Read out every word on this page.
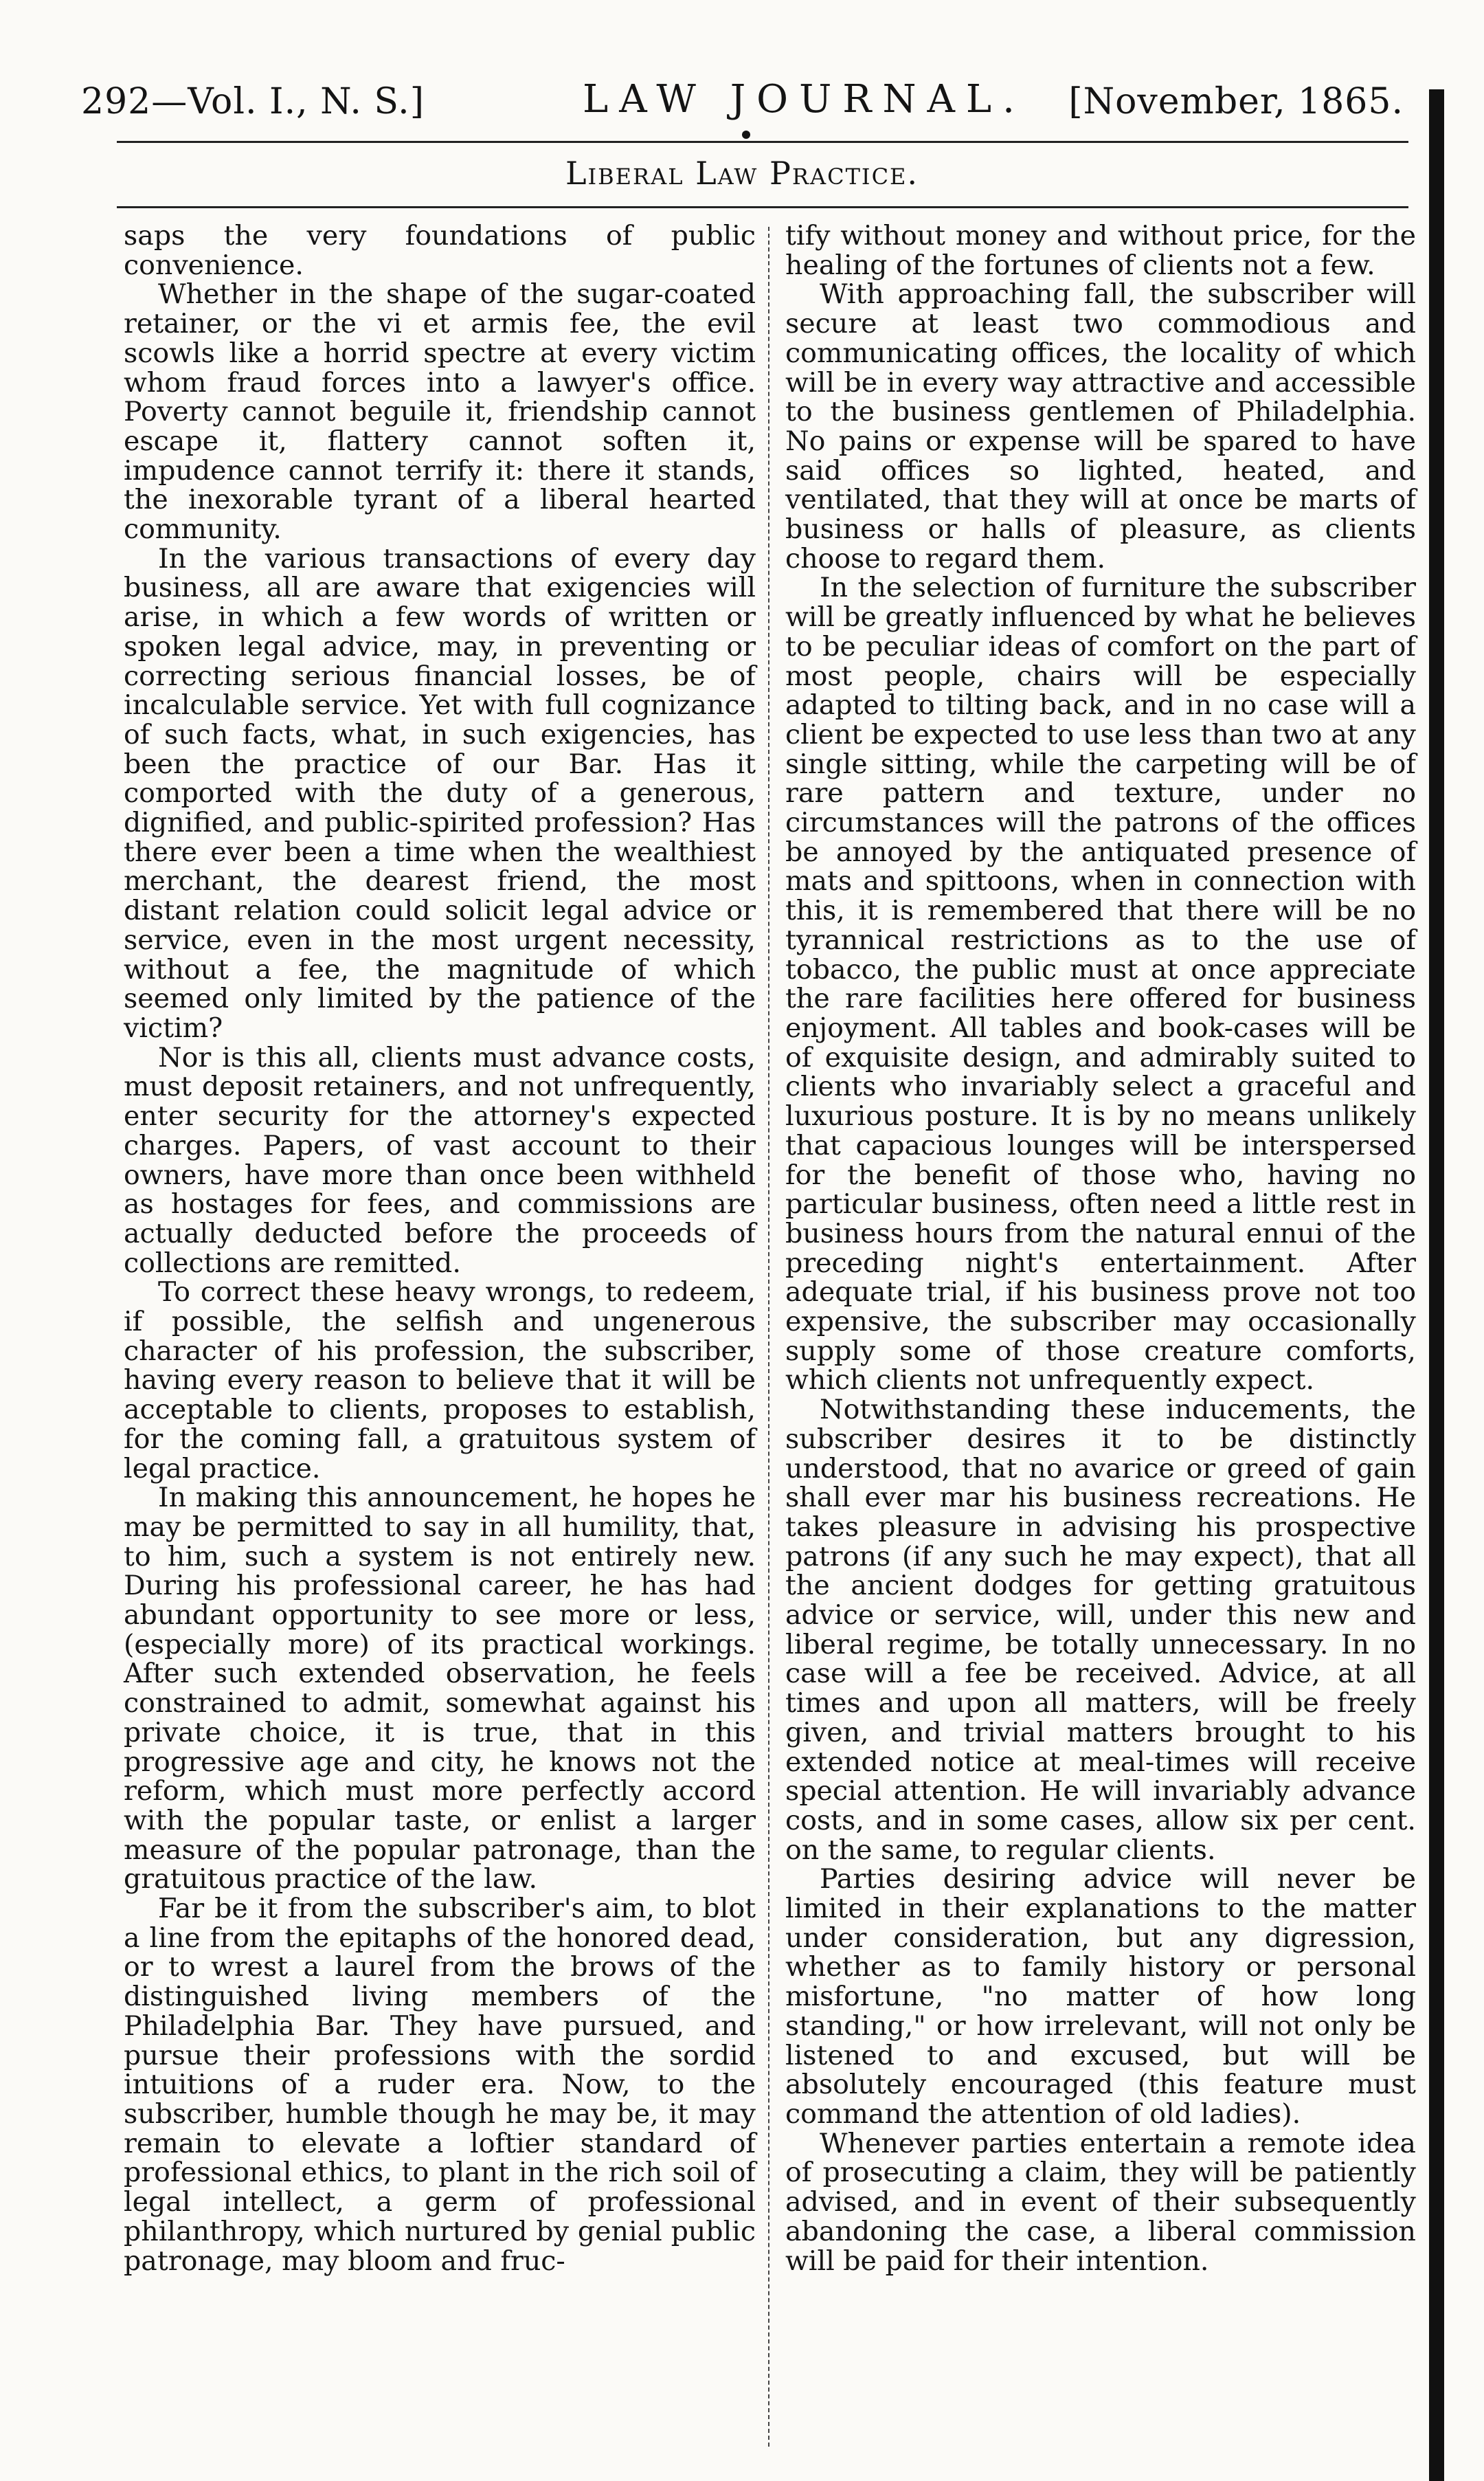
292—Vol. I., N. S.]	LAW JOURNAL. [November, 1865.
Liberal Law Practice.

saps the very foundations of public convenience.

Whether in the shape of the sugar-coated retainer, or the vi et armis fee, the evil scowls like a horrid spectre at every victim whom fraud forces into a lawyer's office. Poverty cannot beguile it, friendship cannot escape it, flattery cannot soften it, impudence cannot terrify it: there it stands, the inexorable tyrant of a liberal hearted community.

In the various transactions of every day business, all are aware that exigencies will arise, in which a few words of written or spoken legal advice, may, in preventing or correcting serious financial losses, be of incalculable service. Yet with full cognizance of such facts, what, in such exigencies, has been the practice of our Bar. Has it comported with the duty of a generous, dignified, and public-spirited profession? Has there ever been a time when the wealthiest merchant, the dearest friend, the most distant relation could solicit legal advice or service, even in the most urgent necessity, without a fee, the magnitude of which seemed only limited by the patience of the victim?

Nor is this all, clients must advance costs, must deposit retainers, and not unfrequently, enter security for the attorney's expected charges. Papers, of vast account to their owners, have more than once been withheld as hostages for fees, and commissions are actually deducted before the proceeds of collections are remitted.

To correct these heavy wrongs, to redeem, if possible, the selfish and ungenerous character of his profession, the subscriber, having every reason to believe that it will be acceptable to clients, proposes to establish, for the coming fall, a gratuitous system of legal practice.

In making this announcement, he hopes he may be permitted to say in all humility, that, to him, such a system is not entirely new. During his professional career, he has had abundant opportunity to see more or less, (especially more) of its practical workings. After such extended observation, he feels constrained to admit, somewhat against his private choice, it is true, that in this progressive age and city, he knows not the reform, which must more perfectly accord with the popular taste, or enlist a larger measure of the popular patronage, than the gratuitous practice of the law.

Far be it from the subscriber's aim, to blot a line from the epitaphs of the honored dead, or to wrest a laurel from the brows of the distinguished living members of the Philadelphia Bar. They have pursued, and pursue their professions with the sordid intuitions of a ruder era. Now, to the subscriber, humble though he may be, it may remain to elevate a loftier standard of professional ethics, to plant in the rich soil of legal intellect, a germ of professional philanthropy, which nurtured by genial public patronage, may bloom and fruc-

tify without money and without price, for the healing of the fortunes of clients not a few.

With approaching fall, the subscriber will secure at least two commodious and communicating offices, the locality of which will be in every way attractive and accessible to the business gentlemen of Philadelphia. No pains or expense will be spared to have said offices so lighted, heated, and ventilated, that they will at once be marts of business or halls of pleasure, as clients choose to regard them.

In the selection of furniture the subscriber will be greatly influenced by what he believes to be peculiar ideas of comfort on the part of most people, chairs will be especially adapted to tilting back, and in no case will a client be expected to use less than two at any single sitting, while the carpeting will be of rare pattern and texture, under no circumstances will the patrons of the offices be annoyed by the antiquated presence of mats and spittoons, when in connection with this, it is remembered that there will be no tyrannical restrictions as to the use of tobacco, the public must at once appreciate the rare facilities here offered for business enjoyment. All tables and book-cases will be of exquisite design, and admirably suited to clients who invariably select a graceful and luxurious posture. It is by no means unlikely that capacious lounges will be interspersed for the benefit of those who, having no particular business, often need a little rest in business hours from the natural ennui of the preceding night's entertainment. After adequate trial, if his business prove not too expensive, the subscriber may occasionally supply some of those creature comforts, which clients not unfrequently expect.

Notwithstanding these inducements, the subscriber desires it to be distinctly understood, that no avarice or greed of gain shall ever mar his business recreations. He takes pleasure in advising his prospective patrons (if any such he may expect), that all the ancient dodges for getting gratuitous advice or service, will, under this new and liberal regime, be totally unnecessary. In no case will a fee be received. Advice, at all times and upon all matters, will be freely given, and trivial matters brought to his extended notice at meal-times will receive special attention. He will invariably advance costs, and in some cases, allow six per cent. on the same, to regular clients.

Parties desiring advice will never be limited in their explanations to the matter under consideration, but any digression, whether as to family history or personal misfortune, "no matter of how long standing," or how irrelevant, will not only be listened to and excused, but will be absolutely encouraged (this feature must command the attention of old ladies).

Whenever parties entertain a remote idea of prosecuting a claim, they will be patiently advised, and in event of their subsequently abandoning the case, a liberal commission will be paid for their intention.
